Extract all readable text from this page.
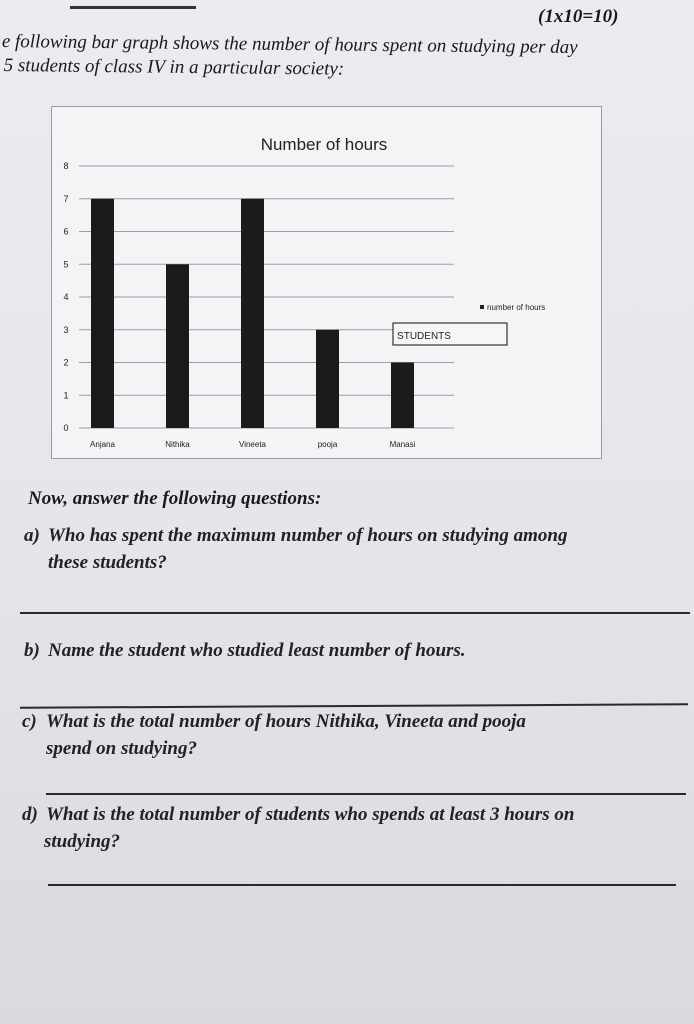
(1x10=10)
e following bar graph shows the number of hours spent on studying per day
5 students of class IV in a particular society:
Number of hours
0
1
2
3
4
5
6
7
8
Anjana	Nithika	Vineeta	pooja	Manasi
number of hours
STUDENTS
Now, answer the following questions:
a) Who has spent the maximum number of hours on studying among
these students?
b) Name the student who studied least number of hours.
c) What is the total number of hours Nithika, Vineeta and pooja
spend on studying?
d) What is the total number of students who spends at least 3 hours on
studying?
